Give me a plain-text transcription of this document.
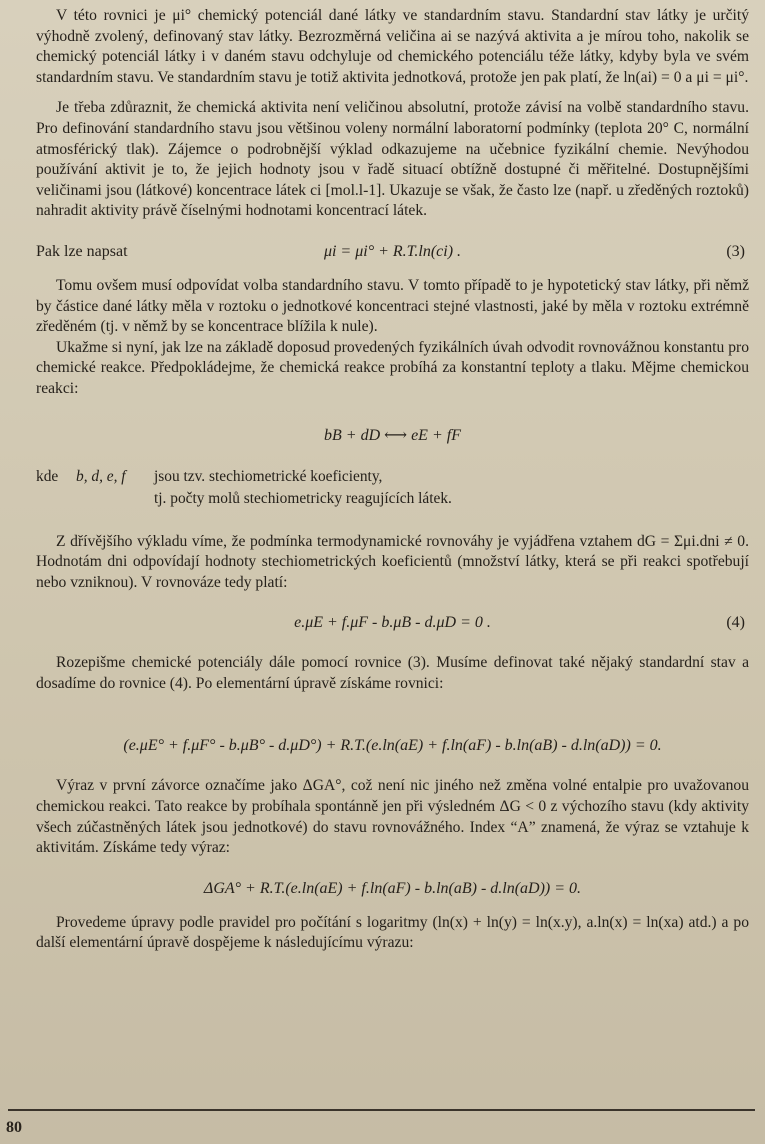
V této rovnici je μi° chemický potenciál dané látky ve standardním stavu. Standardní stav látky je určitý výhodně zvolený, definovaný stav látky. Bezrozměrná veličina ai se nazývá aktivita a je mírou toho, nakolik se chemický potenciál látky i v daném stavu odchyluje od chemického potenciálu téže látky, kdyby byla ve svém standardním stavu. Ve standardním stavu je totiž aktivita jednotková, protože jen pak platí, že ln(ai) = 0 a μi = μi°.

Je třeba zdůraznit, že chemická aktivita není veličinou absolutní, protože závisí na volbě standardního stavu. Pro definování standardního stavu jsou většinou voleny normální laboratorní podmínky (teplota 20° C, normální atmosférický tlak). Zájemce o podrobnější výklad odkazujeme na učebnice fyzikální chemie. Nevýhodou používání aktivit je to, že jejich hodnoty jsou v řadě situací obtížně dostupné či měřitelné. Dostupnějšími veličinami jsou (látkové) koncentrace látek ci [mol.l-1]. Ukazuje se však, že často lze (např. u zředěných roztoků) nahradit aktivity právě číselnými hodnotami koncentrací látek.

Pak lze napsat	μi = μi° + R.T.ln(ci) .	(3)

Tomu ovšem musí odpovídat volba standardního stavu. V tomto případě to je hypotetický stav látky, při němž by částice dané látky měla v roztoku o jednotkové koncentraci stejné vlastnosti, jaké by měla v roztoku extrémně zředěném (tj. v němž by se koncentrace blížila k nule).

Ukažme si nyní, jak lze na základě doposud provedených fyzikálních úvah odvodit rovnovážnou konstantu pro chemické reakce. Předpokládejme, že chemická reakce probíhá za konstantní teploty a tlaku. Mějme chemickou reakci:

bB + dD ⟷ eE + fF
kde b, d, e, f jsou tzv. stechiometrické koeficienty,
tj. počty molů stechiometricky reagujících látek.

Z dřívějšího výkladu víme, že podmínka termodynamické rovnováhy je vyjádřena vztahem dG = Σμi.dni ≠ 0. Hodnotám dni odpovídají hodnoty stechiometrických koeficientů (množství látky, která se při reakci spotřebují nebo vzniknou). V rovnováze tedy platí:

e.μE + f.μF - b.μB - d.μD = 0 .	(4)

Rozepišme chemické potenciály dále pomocí rovnice (3). Musíme definovat také nějaký standardní stav a dosadíme do rovnice (4). Po elementární úpravě získáme rovnici:

(e.μE° + f.μF° - b.μB° - d.μD°) + R.T.(e.ln(aE) + f.ln(aF) - b.ln(aB) - d.ln(aD)) = 0.

Výraz v první závorce označíme jako ΔGA°, což není nic jiného než změna volné entalpie pro uvažovanou chemickou reakci. Tato reakce by probíhala spontánně jen při výsledném ΔG < 0 z výchozího stavu (kdy aktivity všech zúčastněných látek jsou jednotkové) do stavu rovnovážného. Index “A” znamená, že výraz se vztahuje k aktivitám. Získáme tedy výraz:

ΔGA° + R.T.(e.ln(aE) + f.ln(aF) - b.ln(aB) - d.ln(aD)) = 0.

Provedeme úpravy podle pravidel pro počítání s logaritmy (ln(x) + ln(y) = ln(x.y), a.ln(x) = ln(xa) atd.) a po další elementární úpravě dospějeme k následujícímu výrazu:

80
